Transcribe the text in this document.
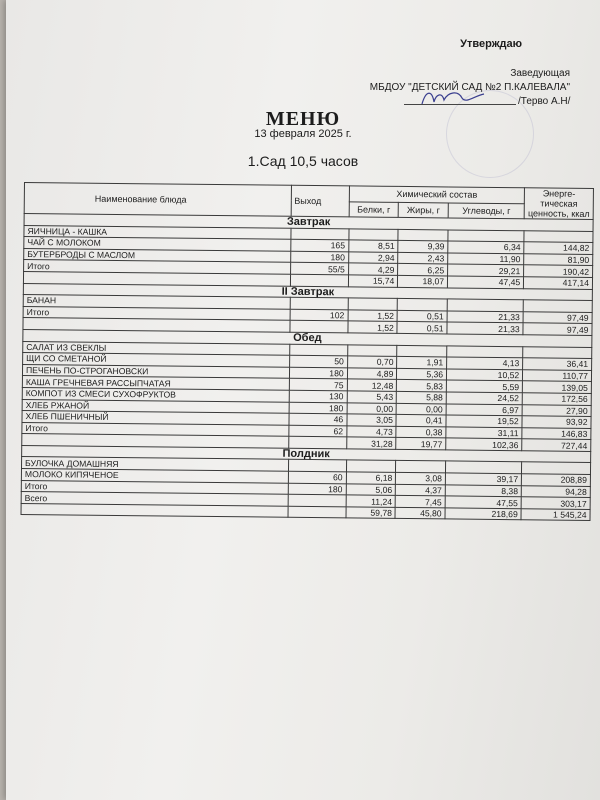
Утверждаю
Заведующая
МБДОУ "ДЕТСКИЙ САД №2 П.КАЛЕВАЛА"
/Терво А.Н/
МЕНЮ
13 февраля 2025 г.
1.Сад 10,5 часов
Наименование блюда	Выход	Химический состав			Энерге-тическая ценность, ккал
		Белки, г	Жиры, г	Углеводы, г	
Завтрак					
ЯИЧНИЦА - КАШКА					
ЧАЙ С МОЛОКОМ	165	8,51	9,39	6,34	144,82
БУТЕРБРОДЫ С МАСЛОМ	180	2,94	2,43	11,90	81,90
Итого	55/5	4,29	6,25	29,21	190,42
		15,74	18,07	47,45	417,14
II Завтрак					
БАНАН					
Итого	102	1,52	0,51	21,33	97,49
		1,52	0,51	21,33	97,49
Обед					
САЛАТ ИЗ СВЕКЛЫ					
ЩИ СО СМЕТАНОЙ	50	0,70	1,91	4,13	36,41
ПЕЧЕНЬ ПО-СТРОГАНОВСКИ	180	4,89	5,36	10,52	110,77
КАША ГРЕЧНЕВАЯ РАССЫПЧАТАЯ	75	12,48	5,83	5,59	139,05
КОМПОТ ИЗ СМЕСИ СУХОФРУКТОВ	130	5,43	5,88	24,52	172,56
ХЛЕБ РЖАНОЙ	180	0,00	0,00	6,97	27,90
ХЛЕБ ПШЕНИЧНЫЙ	46	3,05	0,41	19,52	93,92
Итого	62	4,73	0,38	31,11	146,83
		31,28	19,77	102,36	727,44
Полдник					
БУЛОЧКА ДОМАШНЯЯ					
МОЛОКО КИПЯЧЕНОЕ	60	6,18	3,08	39,17	208,89
Итого	180	5,06	4,37	8,38	94,28
Всего		11,24	7,45	47,55	303,17
		59,78	45,80	218,69	1 545,24
